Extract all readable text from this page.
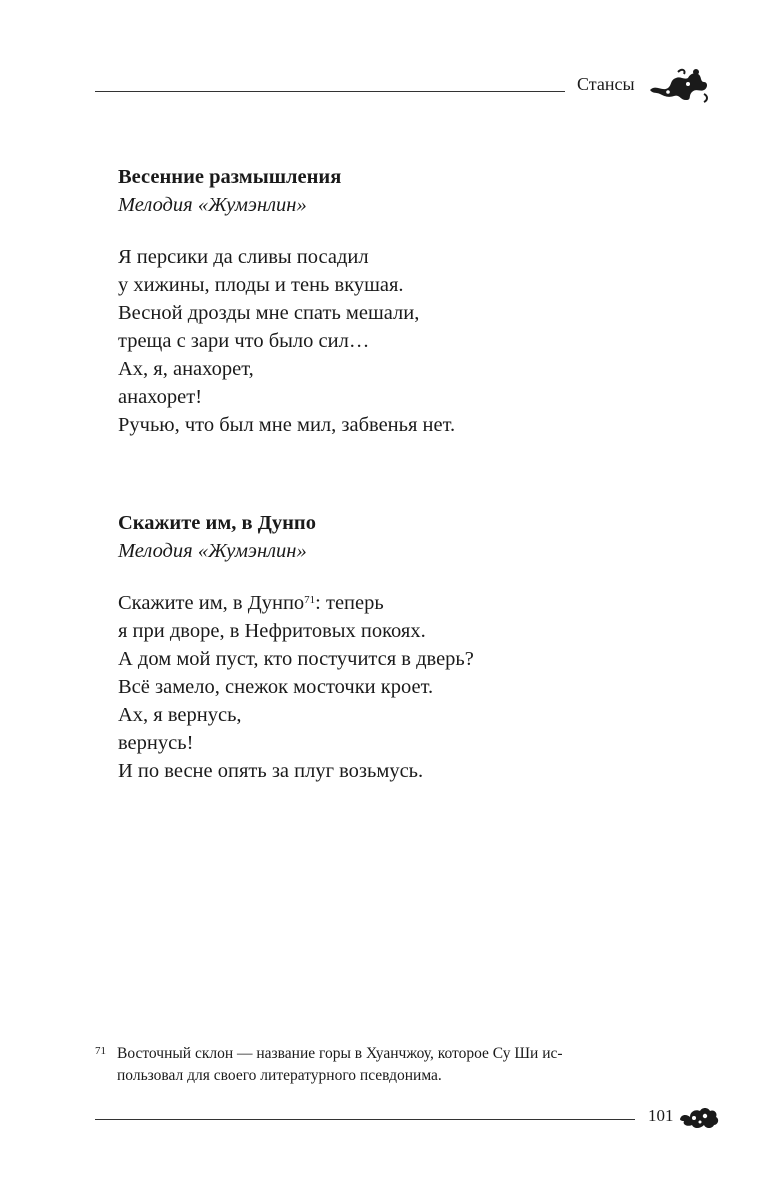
Стансы
Весенние размышления
Мелодия «Жумэнлин»
Я персики да сливы посадил
у хижины, плоды и тень вкушая.
Весной дрозды мне спать мешали,
треща с зари что было сил…
Ах, я, анахорет,
анахорет!
Ручью, что был мне мил, забвенья нет.
Скажите им, в Дунпо
Мелодия «Жумэнлин»
Скажите им, в Дунпо$^{71}$: теперь
я при дворе, в Нефритовых покоях.
А дом мой пуст, кто постучится в дверь?
Всё замело, снежок мосточки кроет.
Ах, я вернусь,
вернусь!
И по весне опять за плуг возьмусь.
71 Восточный склон — название горы в Хуанчжоу, которое Су Ши ис-
пользовал для своего литературного псевдонима.
101
